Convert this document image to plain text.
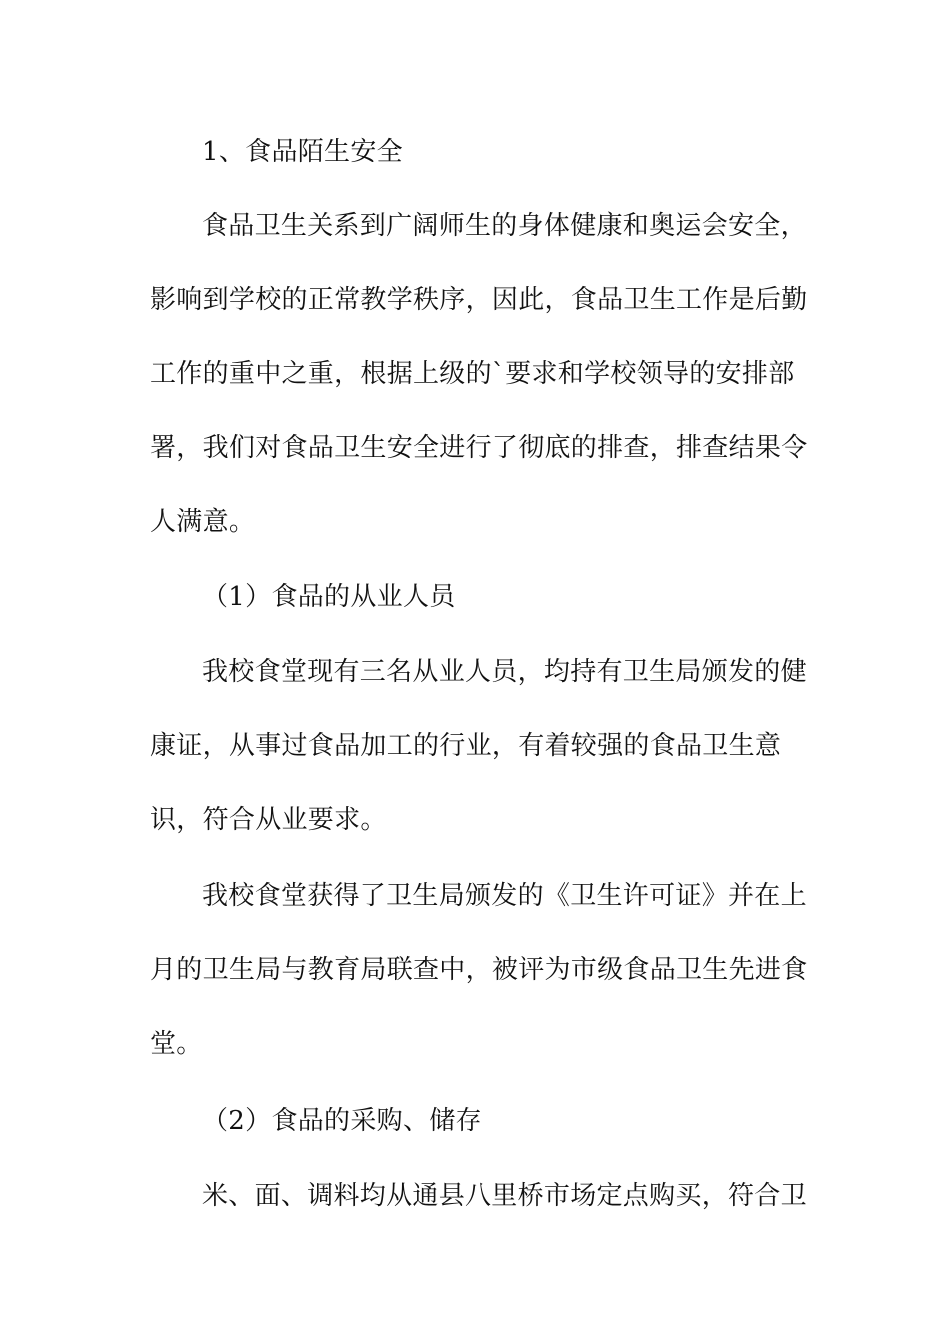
1、食品陌生安全
食品卫生关系到广阔师生的身体健康和奥运会安全，
影响到学校的正常教学秩序，因此，食品卫生工作是后勤
工作的重中之重，根据上级的`要求和学校领导的安排部
署，我们对食品卫生安全进行了彻底的排查，排查结果令
人满意。
（1）食品的从业人员
我校食堂现有三名从业人员，均持有卫生局颁发的健
康证，从事过食品加工的行业，有着较强的食品卫生意
识，符合从业要求。
我校食堂获得了卫生局颁发的《卫生许可证》并在上
月的卫生局与教育局联查中，被评为市级食品卫生先进食
堂。
（2）食品的采购、储存
米、面、调料均从通县八里桥市场定点购买，符合卫
